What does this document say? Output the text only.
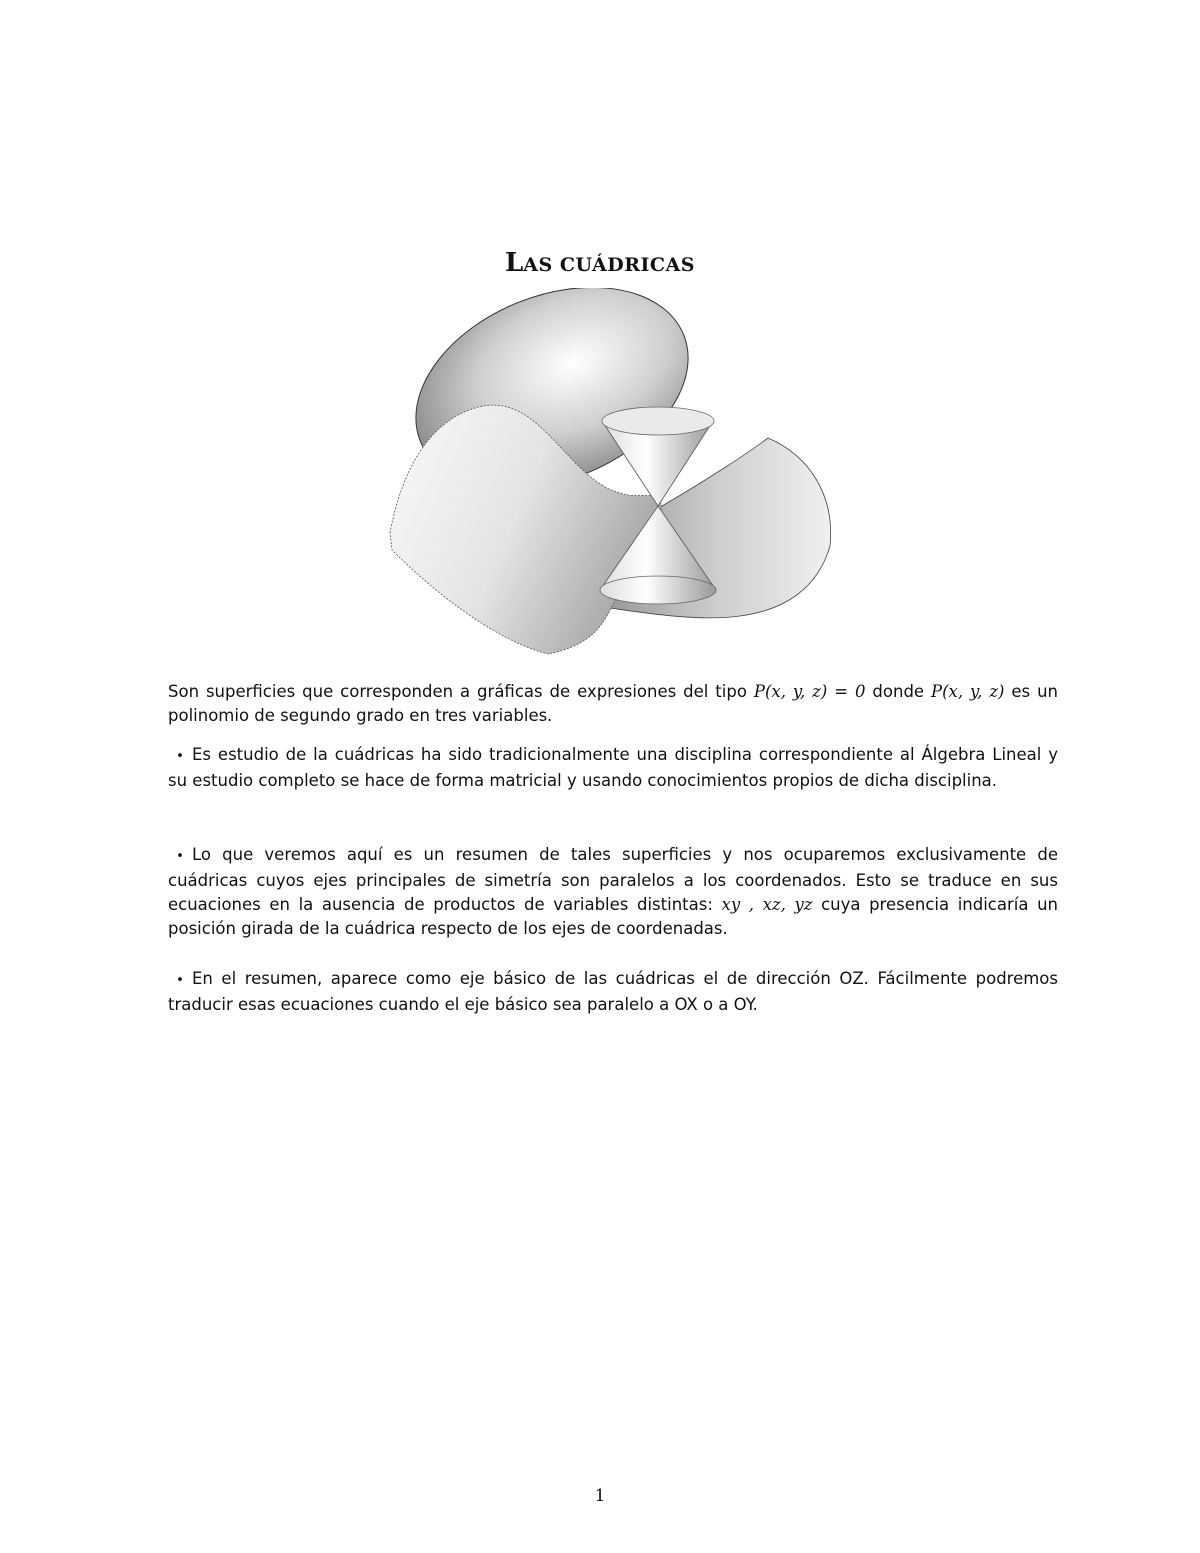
LAS CUÁDRICAS

Son superficies que corresponden a gráficas de expresiones del tipo P(x, y, z) = 0 donde P(x, y, z) es un polinomio de segundo grado en tres variables.

• Es estudio de la cuádricas ha sido tradicionalmente una disciplina correspondiente al Álgebra Lineal y su estudio completo se hace de forma matricial y usando conocimientos propios de dicha disciplina.

• Lo que veremos aquí es un resumen de tales superficies y nos ocuparemos exclusivamente de cuádricas cuyos ejes principales de simetría son paralelos a los coordenados. Esto se traduce en sus ecuaciones en la ausencia de productos de variables distintas: xy , xz, yz cuya presencia indicaría un posición girada de la cuádrica respecto de los ejes de coordenadas.

• En el resumen, aparece como eje básico de las cuádricas el de dirección OZ. Fácilmente podremos traducir esas ecuaciones cuando el eje básico sea paralelo a OX o a OY.

1
